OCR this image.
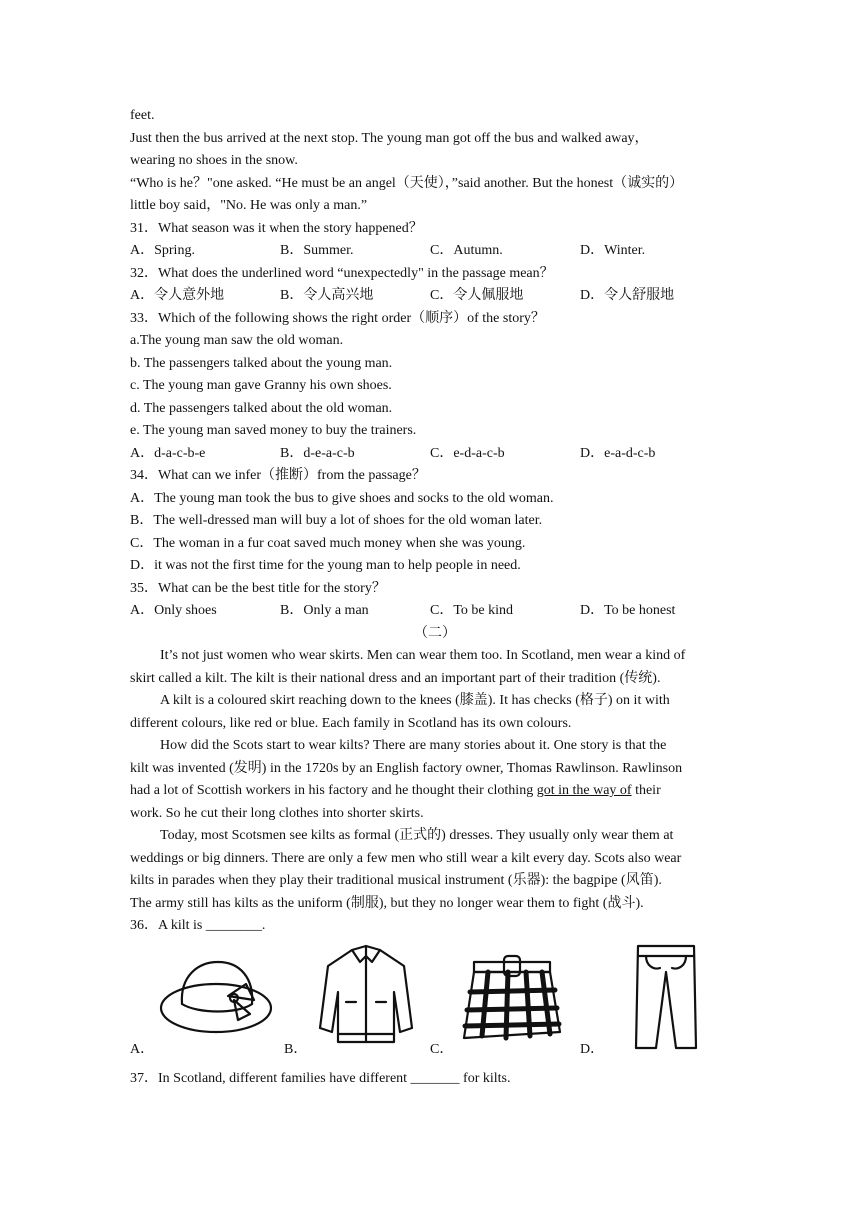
feet.
Just then the bus arrived at the next stop. The young man got off the bus and walked away，
wearing no shoes in the snow.
“Who is he？"one asked. “He must be an angel（天使），”said another. But the honest（诚实的）
little boy said，"No. He was only a man.”
31．What season was it when the story happened？
A．Spring.	B．Summer.	C．Autumn.	D．Winter.
32．What does the underlined word “unexpectedly" in the passage mean？
A．令人意外地	B．令人高兴地	C．令人佩服地	D．令人舒服地
33．Which of the following shows the right order（顺序）of the story？
a.The young man saw the old woman.
b. The passengers talked about the young man.
c. The young man gave Granny his own shoes.
d. The passengers talked about the old woman.
e. The young man saved money to buy the trainers.
A．d-a-c-b-e	B．d-e-a-c-b	C．e-d-a-c-b	D．e-a-d-c-b
34．What can we infer（推断）from the passage？
A．The young man took the bus to give shoes and socks to the old woman.
B．The well-dressed man will buy a lot of shoes for the old woman later.
C．The woman in a fur coat saved much money when she was young.
D．it was not the first time for the young man to help people in need.
35．What can be the best title for the story？
A．Only shoes	B．Only a man	C．To be kind	D．To be honest
（二）
It’s not just women who wear skirts. Men can wear them too. In Scotland, men wear a kind of
skirt called a kilt. The kilt is their national dress and an important part of their tradition (传统).
A kilt is a coloured skirt reaching down to the knees (膝盖). It has checks (格子) on it with
different colours, like red or blue. Each family in Scotland has its own colours.
How did the Scots start to wear kilts? There are many stories about it. One story is that the
kilt was invented (发明) in the 1720s by an English factory owner, Thomas Rawlinson. Rawlinson
had a lot of Scottish workers in his factory and he thought their clothing got in the way of their
work. So he cut their long clothes into shorter skirts.
Today, most Scotsmen see kilts as formal (正式的) dresses. They usually only wear them at
weddings or big dinners. There are only a few men who still wear a kilt every day. Scots also wear
kilts in parades when they play their traditional musical instrument (乐器): the bagpipe (风笛).
The army still has kilts as the uniform (制服), but they no longer wear them to fight (战斗).
36．A kilt is ________.
A．	B．	C．	D．
37．In Scotland, different families have different _______ for kilts.
